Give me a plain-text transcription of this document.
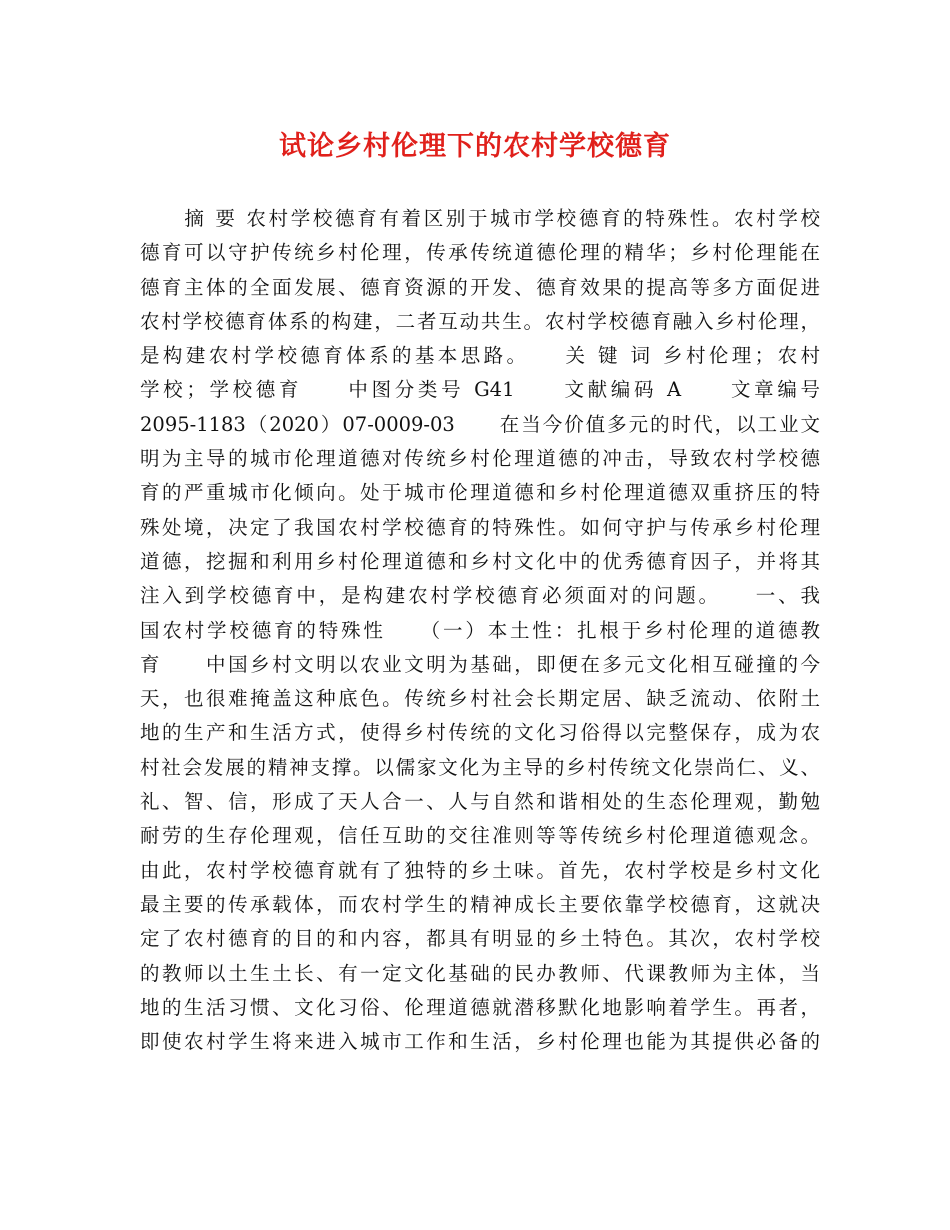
试论乡村伦理下的农村学校德育
　　摘 要 农村学校德育有着区别于城市学校德育的特殊性。农村学校
德育可以守护传统乡村伦理，传承传统道德伦理的精华；乡村伦理能在
德育主体的全面发展、德育资源的开发、德育效果的提高等多方面促进
农村学校德育体系的构建，二者互动共生。农村学校德育融入乡村伦理，
是构建农村学校德育体系的基本思路。　　关 键 词 乡村伦理；农村
学校；学校德育　　中图分类号 G41　　文献编码 A　　文章编号
2095-1183（2020）07-0009-03　　在当今价值多元的时代，以工业文
明为主导的城市伦理道德对传统乡村伦理道德的冲击，导致农村学校德
育的严重城市化倾向。处于城市伦理道德和乡村伦理道德双重挤压的特
殊处境，决定了我国农村学校德育的特殊性。如何守护与传承乡村伦理
道德，挖掘和利用乡村伦理道德和乡村文化中的优秀德育因子，并将其
注入到学校德育中，是构建农村学校德育必须面对的问题。　　一、我
国农村学校德育的特殊性　　（一）本土性：扎根于乡村伦理的道德教
育　　中国乡村文明以农业文明为基础，即便在多元文化相互碰撞的今
天，也很难掩盖这种底色。传统乡村社会长期定居、缺乏流动、依附土
地的生产和生活方式，使得乡村传统的文化习俗得以完整保存，成为农
村社会发展的精神支撑。以儒家文化为主导的乡村传统文化崇尚仁、义、
礼、智、信，形成了天人合一、人与自然和谐相处的生态伦理观，勤勉
耐劳的生存伦理观，信任互助的交往准则等等传统乡村伦理道德观念。
由此，农村学校德育就有了独特的乡土味。首先，农村学校是乡村文化
最主要的传承载体，而农村学生的精神成长主要依靠学校德育，这就决
定了农村德育的目的和内容，都具有明显的乡土特色。其次，农村学校
的教师以土生土长、有一定文化基础的民办教师、代课教师为主体，当
地的生活习惯、文化习俗、伦理道德就潜移默化地影响着学生。再者，
即使农村学生将来进入城市工作和生活，乡村伦理也能为其提供必备的
